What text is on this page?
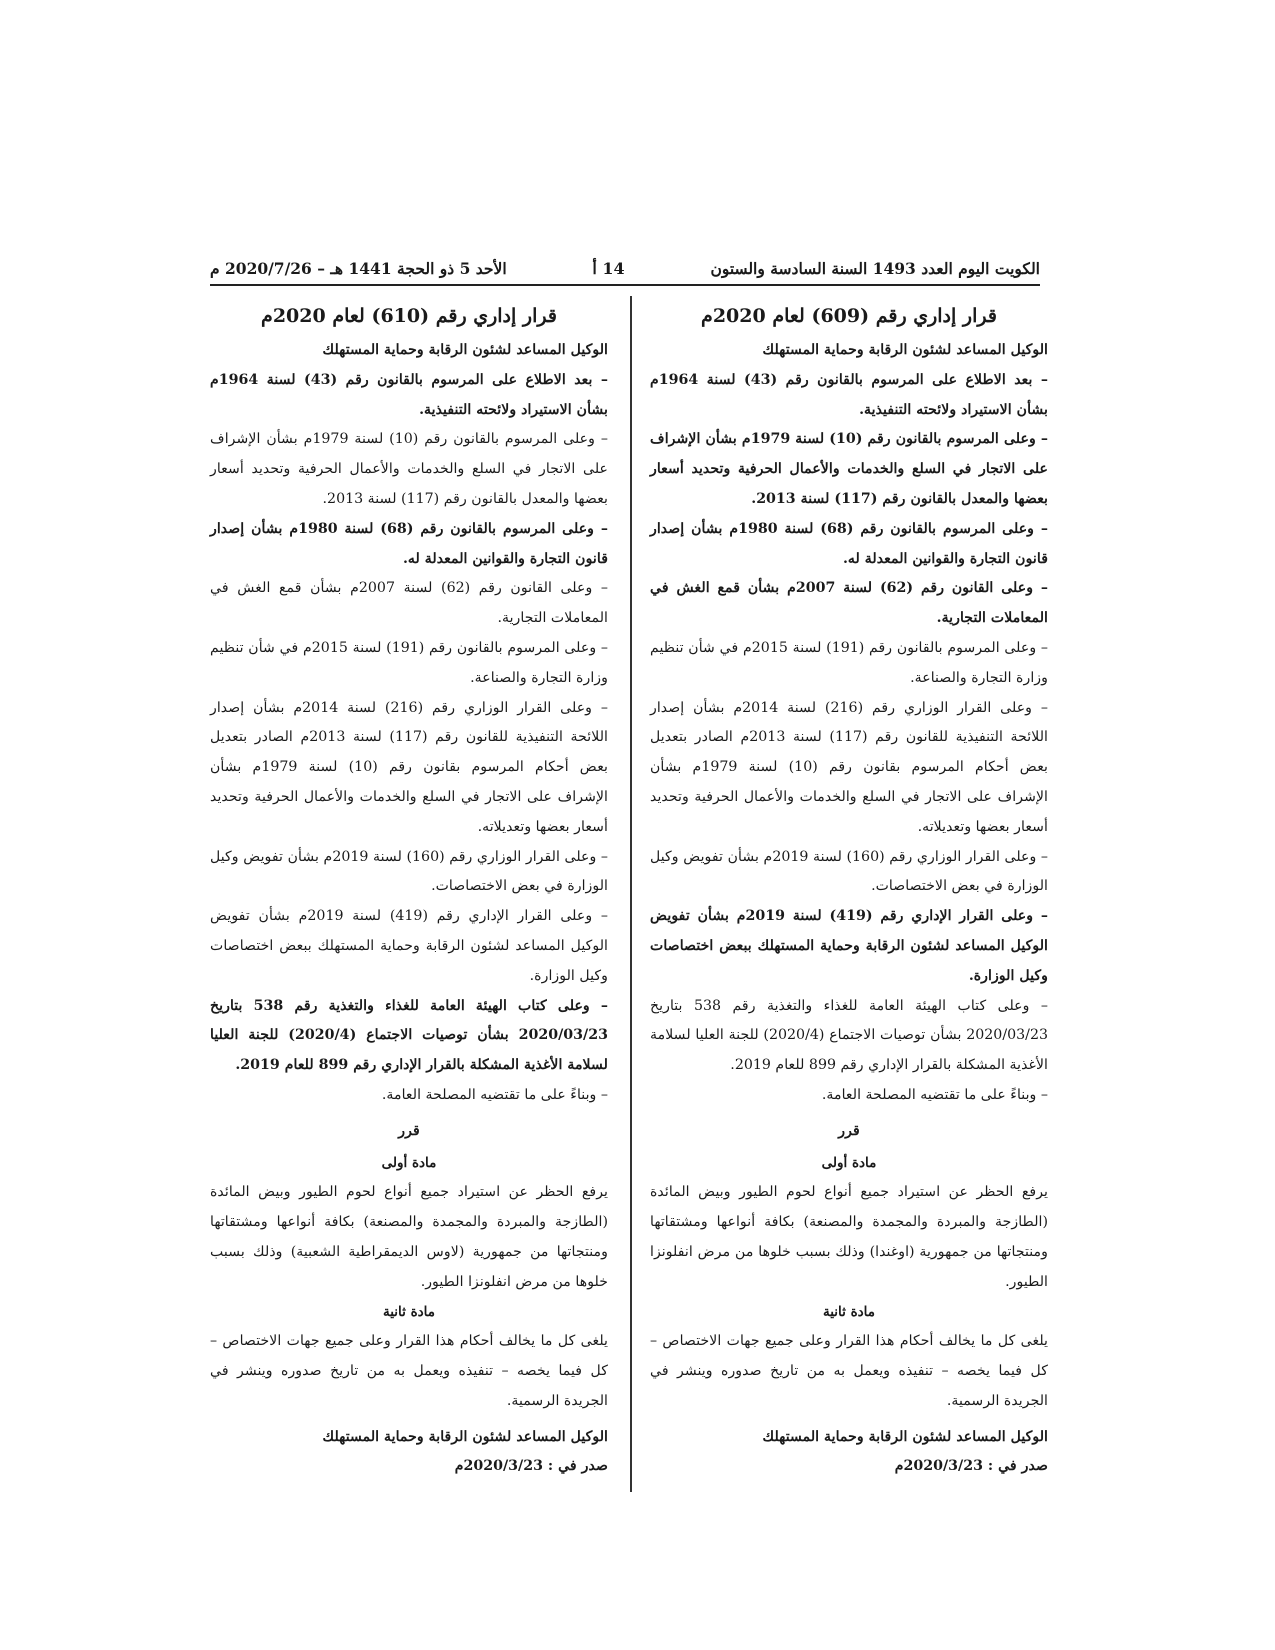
الكويت اليوم العدد 1493 السنة السادسة والستون
14 أ
الأحد 5 ذو الحجة 1441 هـ – 2020/7/26 م

قرار إداري رقم (609) لعام 2020م

الوكيل المساعد لشئون الرقابة وحماية المستهلك

– بعد الاطلاع على المرسوم بالقانون رقم (43) لسنة 1964م بشأن الاستيراد ولائحته التنفيذية.

– وعلى المرسوم بالقانون رقم (10) لسنة 1979م بشأن الإشراف على الاتجار في السلع والخدمات والأعمال الحرفية وتحديد أسعار بعضها والمعدل بالقانون رقم (117) لسنة 2013.

– وعلى المرسوم بالقانون رقم (68) لسنة 1980م بشأن إصدار قانون التجارة والقوانين المعدلة له.

– وعلى القانون رقم (62) لسنة 2007م بشأن قمع الغش في المعاملات التجارية.

– وعلى المرسوم بالقانون رقم (191) لسنة 2015م في شأن تنظيم وزارة التجارة والصناعة.

– وعلى القرار الوزاري رقم (216) لسنة 2014م بشأن إصدار اللائحة التنفيذية للقانون رقم (117) لسنة 2013م الصادر بتعديل بعض أحكام المرسوم بقانون رقم (10) لسنة 1979م بشأن الإشراف على الاتجار في السلع والخدمات والأعمال الحرفية وتحديد أسعار بعضها وتعديلاته.

– وعلى القرار الوزاري رقم (160) لسنة 2019م بشأن تفويض وكيل الوزارة في بعض الاختصاصات.

– وعلى القرار الإداري رقم (419) لسنة 2019م بشأن تفويض الوكيل المساعد لشئون الرقابة وحماية المستهلك ببعض اختصاصات وكيل الوزارة.

– وعلى كتاب الهيئة العامة للغذاء والتغذية رقم 538 بتاريخ 2020/03/23 بشأن توصيات الاجتماع (2020/4) للجنة العليا لسلامة الأغذية المشكلة بالقرار الإداري رقم 899 للعام 2019.

– وبناءً على ما تقتضيه المصلحة العامة.

قرر

مادة أولى

يرفع الحظر عن استيراد جميع أنواع لحوم الطيور وبيض المائدة (الطازجة والمبردة والمجمدة والمصنعة) بكافة أنواعها ومشتقاتها ومنتجاتها من جمهورية (اوغندا) وذلك بسبب خلوها من مرض انفلونزا الطيور.

مادة ثانية

يلغى كل ما يخالف أحكام هذا القرار وعلى جميع جهات الاختصاص – كل فيما يخصه – تنفيذه ويعمل به من تاريخ صدوره وينشر في الجريدة الرسمية.

الوكيل المساعد لشئون الرقابة وحماية المستهلك

صدر في : 2020/3/23م

قرار إداري رقم (610) لعام 2020م

الوكيل المساعد لشئون الرقابة وحماية المستهلك

– بعد الاطلاع على المرسوم بالقانون رقم (43) لسنة 1964م بشأن الاستيراد ولائحته التنفيذية.

– وعلى المرسوم بالقانون رقم (10) لسنة 1979م بشأن الإشراف على الاتجار في السلع والخدمات والأعمال الحرفية وتحديد أسعار بعضها والمعدل بالقانون رقم (117) لسنة 2013.

– وعلى المرسوم بالقانون رقم (68) لسنة 1980م بشأن إصدار قانون التجارة والقوانين المعدلة له.

– وعلى القانون رقم (62) لسنة 2007م بشأن قمع الغش في المعاملات التجارية.

– وعلى المرسوم بالقانون رقم (191) لسنة 2015م في شأن تنظيم وزارة التجارة والصناعة.

– وعلى القرار الوزاري رقم (216) لسنة 2014م بشأن إصدار اللائحة التنفيذية للقانون رقم (117) لسنة 2013م الصادر بتعديل بعض أحكام المرسوم بقانون رقم (10) لسنة 1979م بشأن الإشراف على الاتجار في السلع والخدمات والأعمال الحرفية وتحديد أسعار بعضها وتعديلاته.

– وعلى القرار الوزاري رقم (160) لسنة 2019م بشأن تفويض وكيل الوزارة في بعض الاختصاصات.

– وعلى القرار الإداري رقم (419) لسنة 2019م بشأن تفويض الوكيل المساعد لشئون الرقابة وحماية المستهلك ببعض اختصاصات وكيل الوزارة.

– وعلى كتاب الهيئة العامة للغذاء والتغذية رقم 538 بتاريخ 2020/03/23 بشأن توصيات الاجتماع (2020/4) للجنة العليا لسلامة الأغذية المشكلة بالقرار الإداري رقم 899 للعام 2019.

– وبناءً على ما تقتضيه المصلحة العامة.

قرر

مادة أولى

يرفع الحظر عن استيراد جميع أنواع لحوم الطيور وبيض المائدة (الطازجة والمبردة والمجمدة والمصنعة) بكافة أنواعها ومشتقاتها ومنتجاتها من جمهورية (لاوس الديمقراطية الشعبية) وذلك بسبب خلوها من مرض انفلونزا الطيور.

مادة ثانية

يلغى كل ما يخالف أحكام هذا القرار وعلى جميع جهات الاختصاص – كل فيما يخصه – تنفيذه ويعمل به من تاريخ صدوره وينشر في الجريدة الرسمية.

الوكيل المساعد لشئون الرقابة وحماية المستهلك

صدر في : 2020/3/23م
